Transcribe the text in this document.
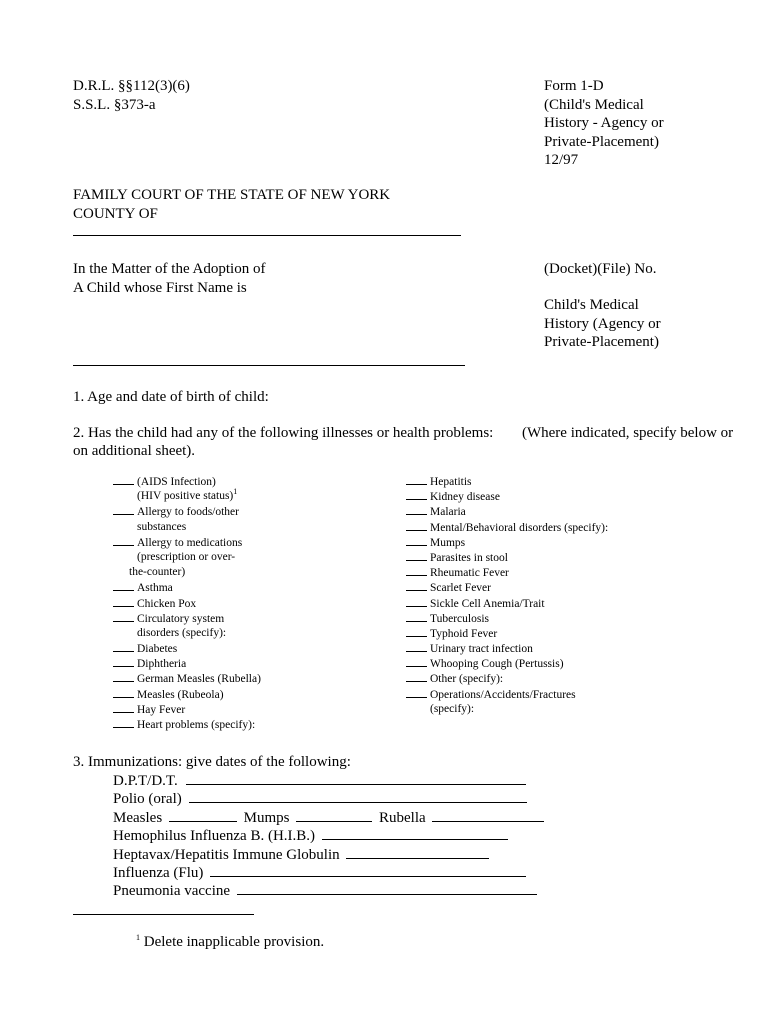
D.R.L. §§112(3)(6)
S.S.L. §373-a
Form 1-D
(Child's Medical
History - Agency or
Private-Placement)
12/97
FAMILY COURT OF THE STATE OF NEW YORK
COUNTY OF
In the Matter of the Adoption of
A Child whose First Name is
(Docket)(File) No.
Child's Medical
History (Agency or
Private-Placement)
1. Age and date of birth of child:
2. Has the child had any of the following illnesses or health problems: (Where indicated, specify below or
on additional sheet).
(AIDS Infection)
(HIV positive status)$^1$
Allergy to foods/other
substances
Allergy to medications
(prescription or over-
the-counter)
Asthma
Chicken Pox
Circulatory system
disorders (specify):
Diabetes
Diphtheria
German Measles (Rubella)
Measles (Rubeola)
Hay Fever
Heart problems (specify):
Hepatitis
Kidney disease
Malaria
Mental/Behavioral disorders (specify):
Mumps
Parasites in stool
Rheumatic Fever
Scarlet Fever
Sickle Cell Anemia/Trait
Tuberculosis
Typhoid Fever
Urinary tract infection
Whooping Cough (Pertussis)
Other (specify):
Operations/Accidents/Fractures
(specify):
3. Immunizations: give dates of the following:
D.P.T/D.T.
Polio (oral)
Measles	Mumps	Rubella
Hemophilus Influenza B. (H.I.B.)
Heptavax/Hepatitis Immune Globulin
Influenza (Flu)
Pneumonia vaccine
$^1$ Delete inapplicable provision.
